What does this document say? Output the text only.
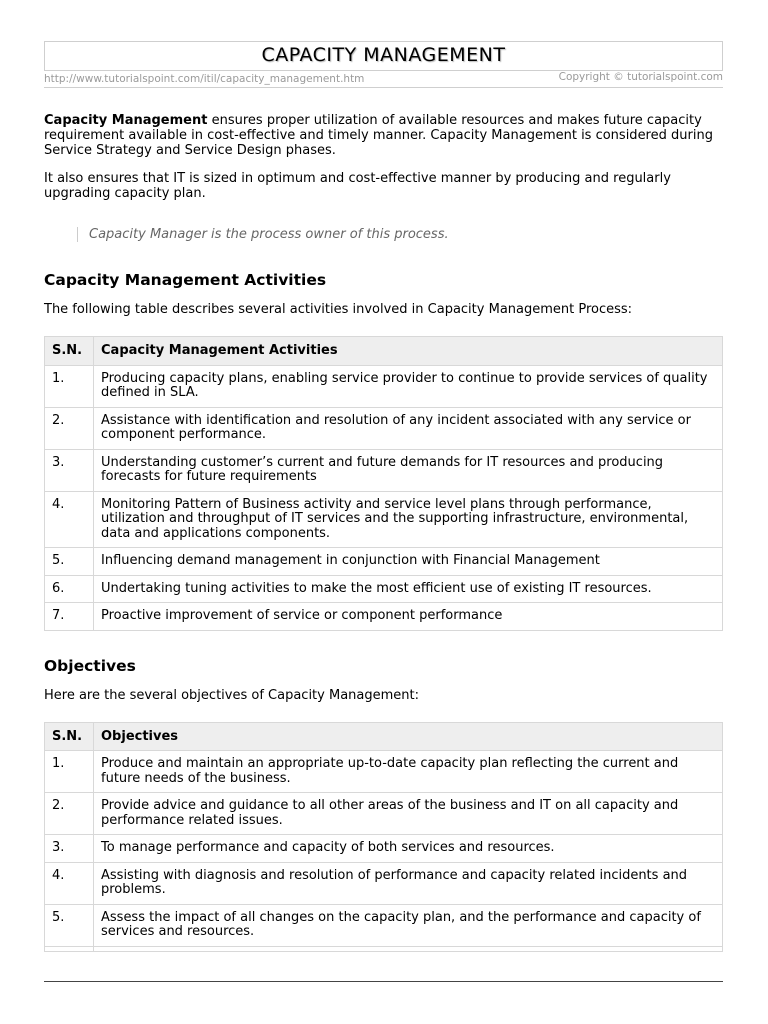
CAPACITY MANAGEMENT
http://www.tutorialspoint.com/itil/capacity_management.htm	Copyright © tutorialspoint.com

Capacity Management ensures proper utilization of available resources and makes future capacity requirement available in cost-effective and timely manner. Capacity Management is considered during Service Strategy and Service Design phases.

It also ensures that IT is sized in optimum and cost-effective manner by producing and regularly upgrading capacity plan.

Capacity Manager is the process owner of this process.
Capacity Management Activities

The following table describes several activities involved in Capacity Management Process:

S.N.	Capacity Management Activities
1.	Producing capacity plans, enabling service provider to continue to provide services of quality defined in SLA.
2.	Assistance with identification and resolution of any incident associated with any service or component performance.
3.	Understanding customer’s current and future demands for IT resources and producing forecasts for future requirements
4.	Monitoring Pattern of Business activity and service level plans through performance, utilization and throughput of IT services and the supporting infrastructure, environmental, data and applications components.
5.	Influencing demand management in conjunction with Financial Management
6.	Undertaking tuning activities to make the most efficient use of existing IT resources.
7.	Proactive improvement of service or component performance
Objectives

Here are the several objectives of Capacity Management:

S.N.	Objectives
1.	Produce and maintain an appropriate up-to-date capacity plan reflecting the current and future needs of the business.
2.	Provide advice and guidance to all other areas of the business and IT on all capacity and performance related issues.
3.	To manage performance and capacity of both services and resources.
4.	Assisting with diagnosis and resolution of performance and capacity related incidents and problems.
5.	Assess the impact of all changes on the capacity plan, and the performance and capacity of services and resources.
